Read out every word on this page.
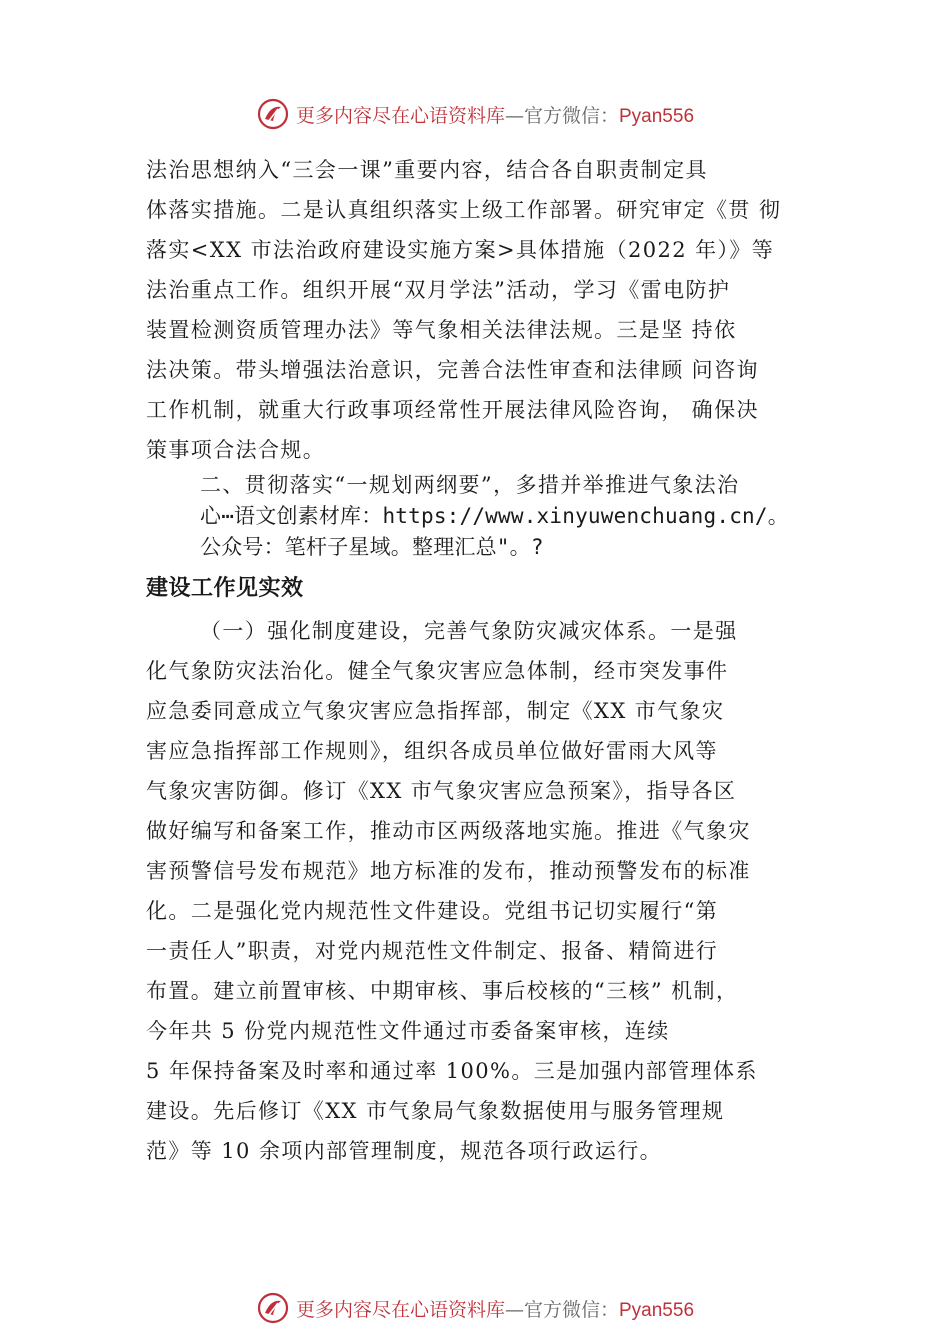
更多内容尽在心语资料库—官方微信：Pyan556
法治思想纳入“三会一课”重要内容，结合各自职责制定具
体落实措施。二是认真组织落实上级工作部署。研究审定《贯 彻
落实<XX 市法治政府建设实施方案>具体措施（2022 年）》等
法治重点工作。组织开展“双月学法”活动，学习《雷电防护
装置检测资质管理办法》等气象相关法律法规。三是坚 持依
法决策。带头增强法治意识，完善合法性审查和法律顾 问咨询
工作机制，就重大行政事项经常性开展法律风险咨询， 确保决
策事项合法合规。
二、贯彻落实“一规划两纲要”，多措并举推进气象法治
心⋯语文创素材库：https://www.xinyuwenchuang.cn/。
公众号：笔杆子星域。整理汇总"。?
建设工作见实效
（一）强化制度建设，完善气象防灾减灾体系。一是强
化气象防灾法治化。健全气象灾害应急体制，经市突发事件
应急委同意成立气象灾害应急指挥部，制定《XX 市气象灾
害应急指挥部工作规则》，组织各成员单位做好雷雨大风等
气象灾害防御。修订《XX 市气象灾害应急预案》，指导各区
做好编写和备案工作，推动市区两级落地实施。推进《气象灾
害预警信号发布规范》地方标准的发布，推动预警发布的标准
化。二是强化党内规范性文件建设。党组书记切实履行“第
一责任人”职责，对党内规范性文件制定、报备、精简进行
布置。建立前置审核、中期审核、事后校核的“三核” 机制，
今年共 5 份党内规范性文件通过市委备案审核，连续
5 年保持备案及时率和通过率 100%。三是加强内部管理体系
建设。先后修订《XX 市气象局气象数据使用与服务管理规
范》等 10 余项内部管理制度，规范各项行政运行。
更多内容尽在心语资料库—官方微信：Pyan556
